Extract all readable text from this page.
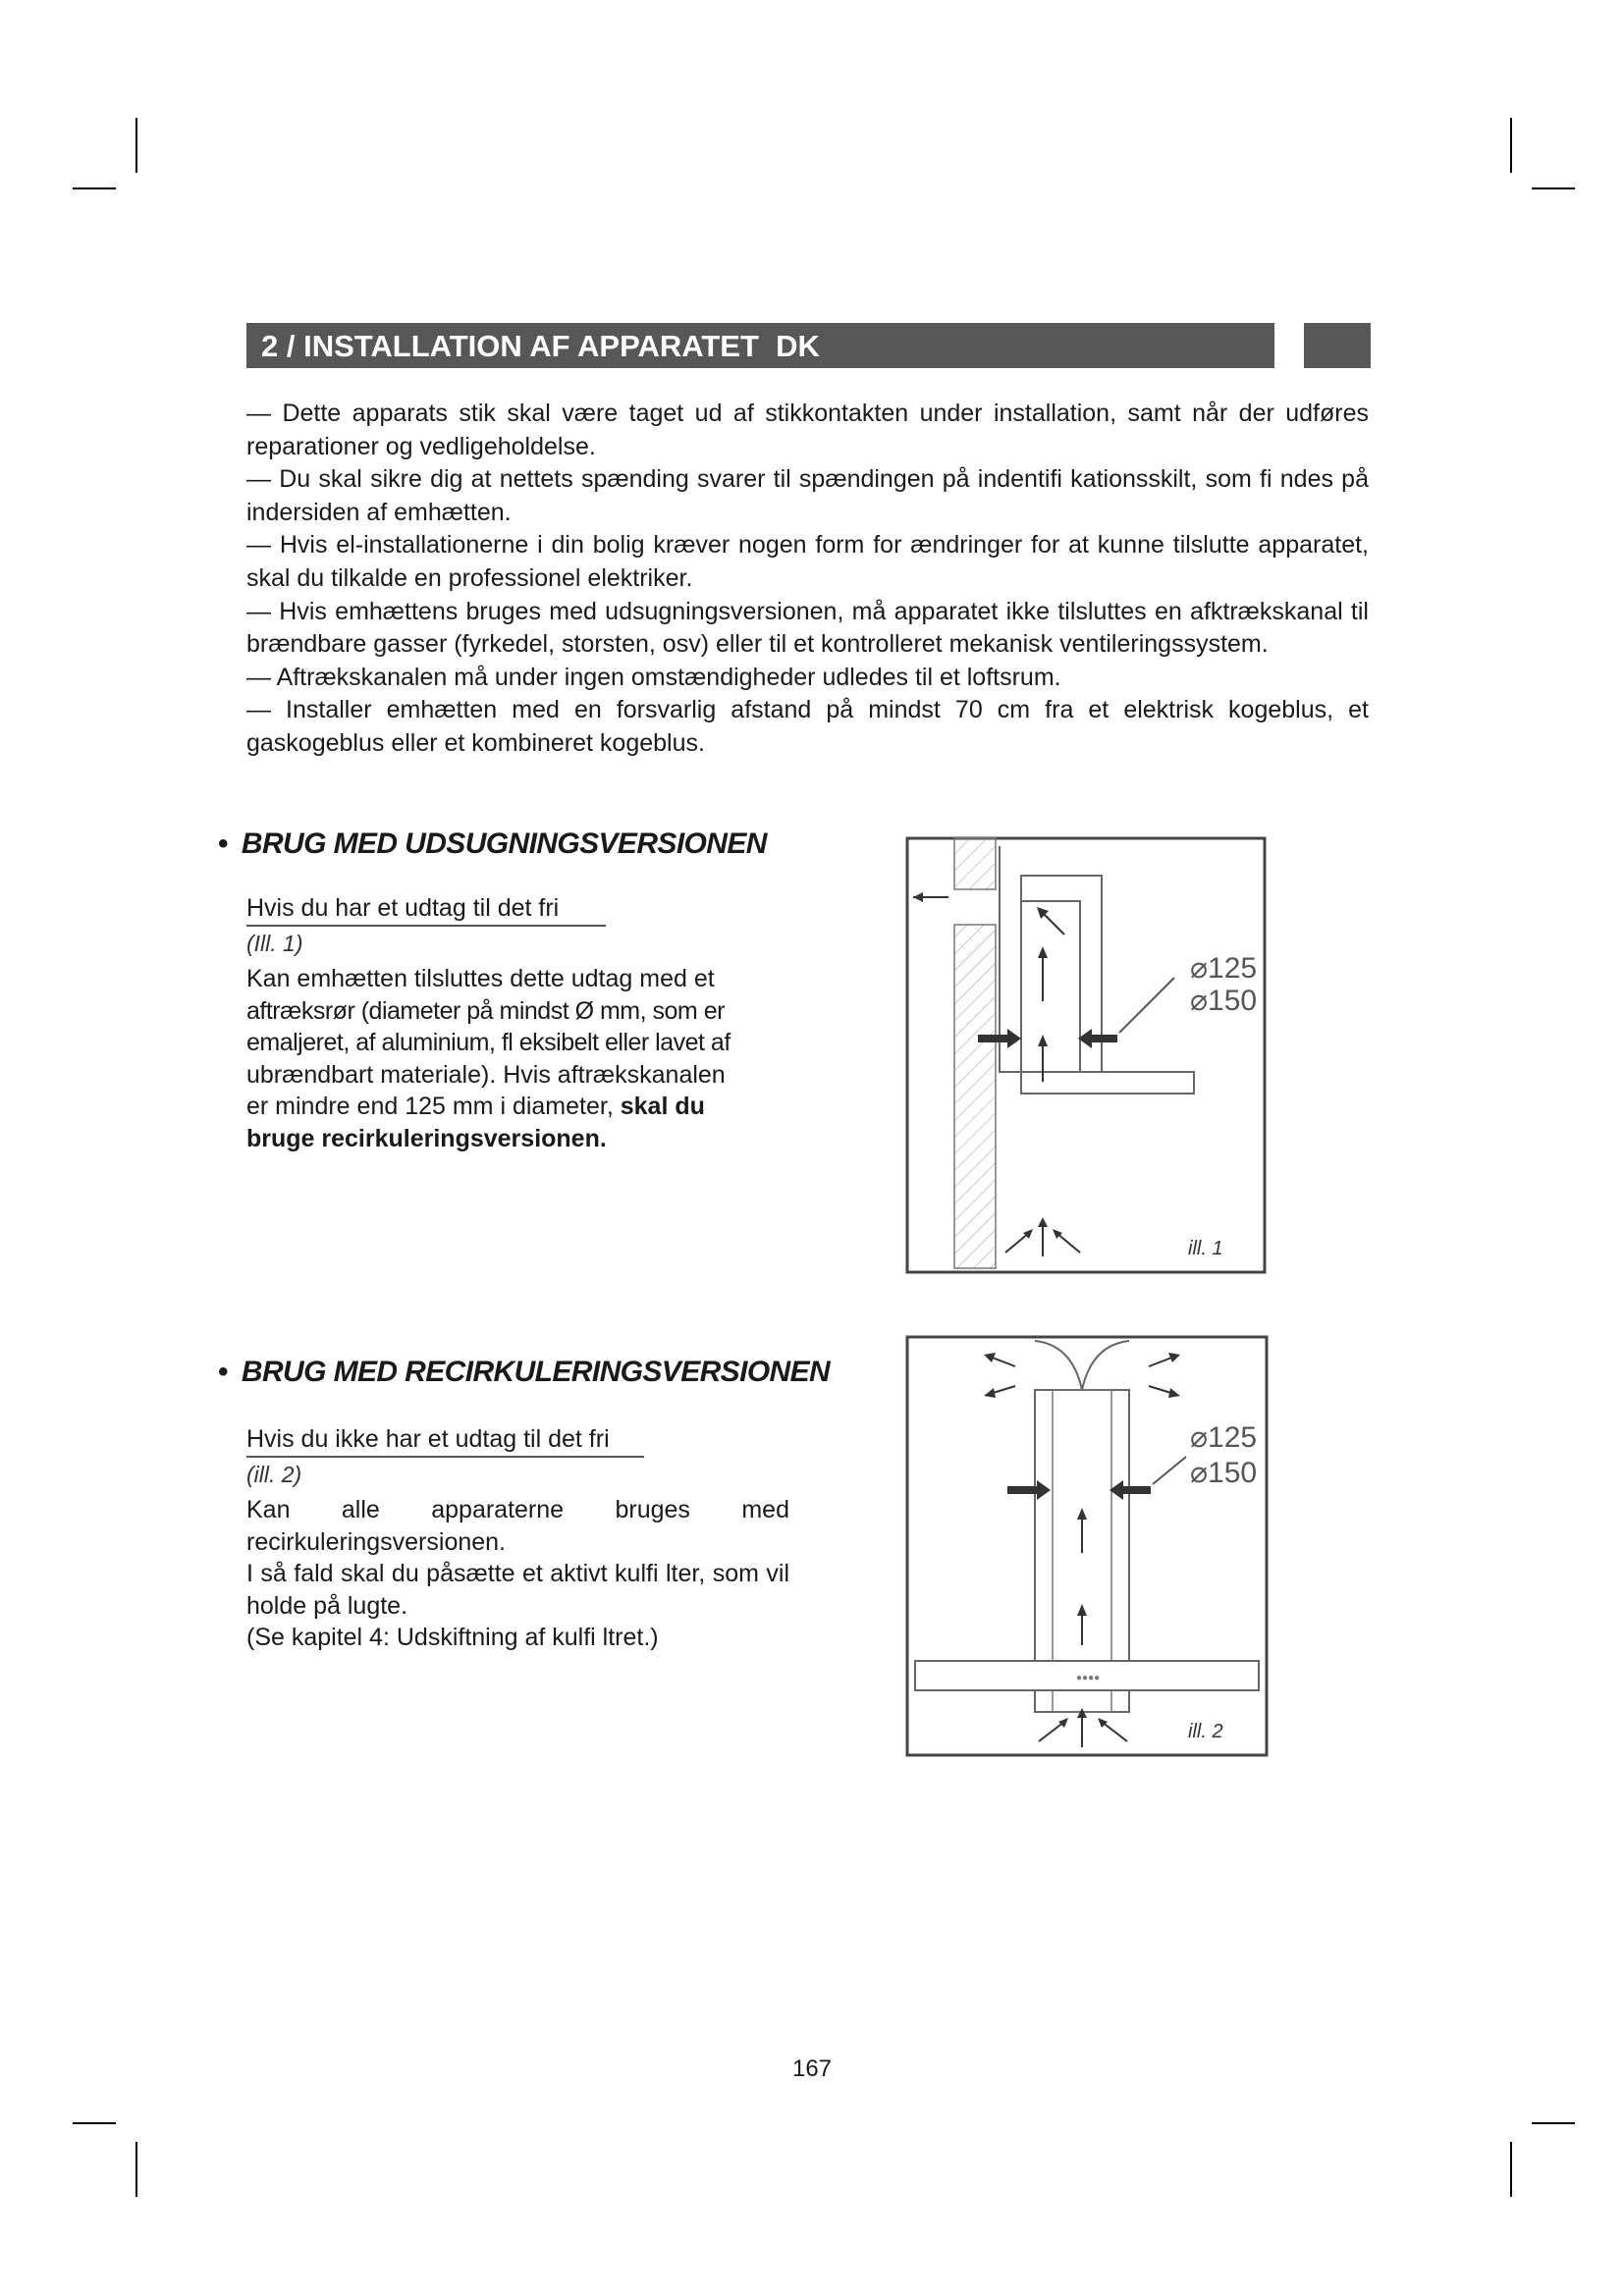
2 / INSTALLATION AF APPARATET  DK

— Dette apparats stik skal være taget ud af stikkontakten under installation, samt når der udføres reparationer og vedligeholdelse.

— Du skal sikre dig at nettets spænding svarer til spændingen på indentifi kationsskilt, som fi ndes på indersiden af emhætten.

— Hvis el-installationerne i din bolig kræver nogen form for ændringer for at kunne tilslutte apparatet, skal du tilkalde en professionel elektriker.

— Hvis emhættens bruges med udsugningsversionen, må apparatet ikke tilsluttes en afktrækskanal til brændbare gasser (fyrkedel, storsten, osv) eller til et kontrolleret mekanisk ventileringssystem.

— Aftrækskanalen må under ingen omstændigheder udledes til et loftsrum.

— Installer emhætten med en forsvarlig afstand på mindst 70 cm fra et elektrisk kogeblus, et gaskogeblus eller et kombineret kogeblus.

• BRUG MED UDSUGNINGSVERSIONEN
Hvis du har et udtag til det fri
(Ill. 1)
Kan emhætten tilsluttes dette udtag med et
aftræksrør (diameter på mindst Ø mm, som er
emaljeret, af aluminium, fl eksibelt eller lavet af
ubrændbart materiale). Hvis aftrækskanalen
er mindre end 125 mm i diameter, skal du
bruge recirkuleringsversionen.
⌀125
⌀150
ill. 1
• BRUG MED RECIRKULERINGSVERSIONEN
Hvis du ikke har et udtag til det fri
(ill. 2)

Kan alle apparaterne bruges med recirkuleringsversionen.

I så fald skal du påsætte et aktivt kulfi lter, som vil holde på lugte.

(Se kapitel 4: Udskiftning af kulfi ltret.)

●●●●
⌀125
⌀150
ill. 2
167
